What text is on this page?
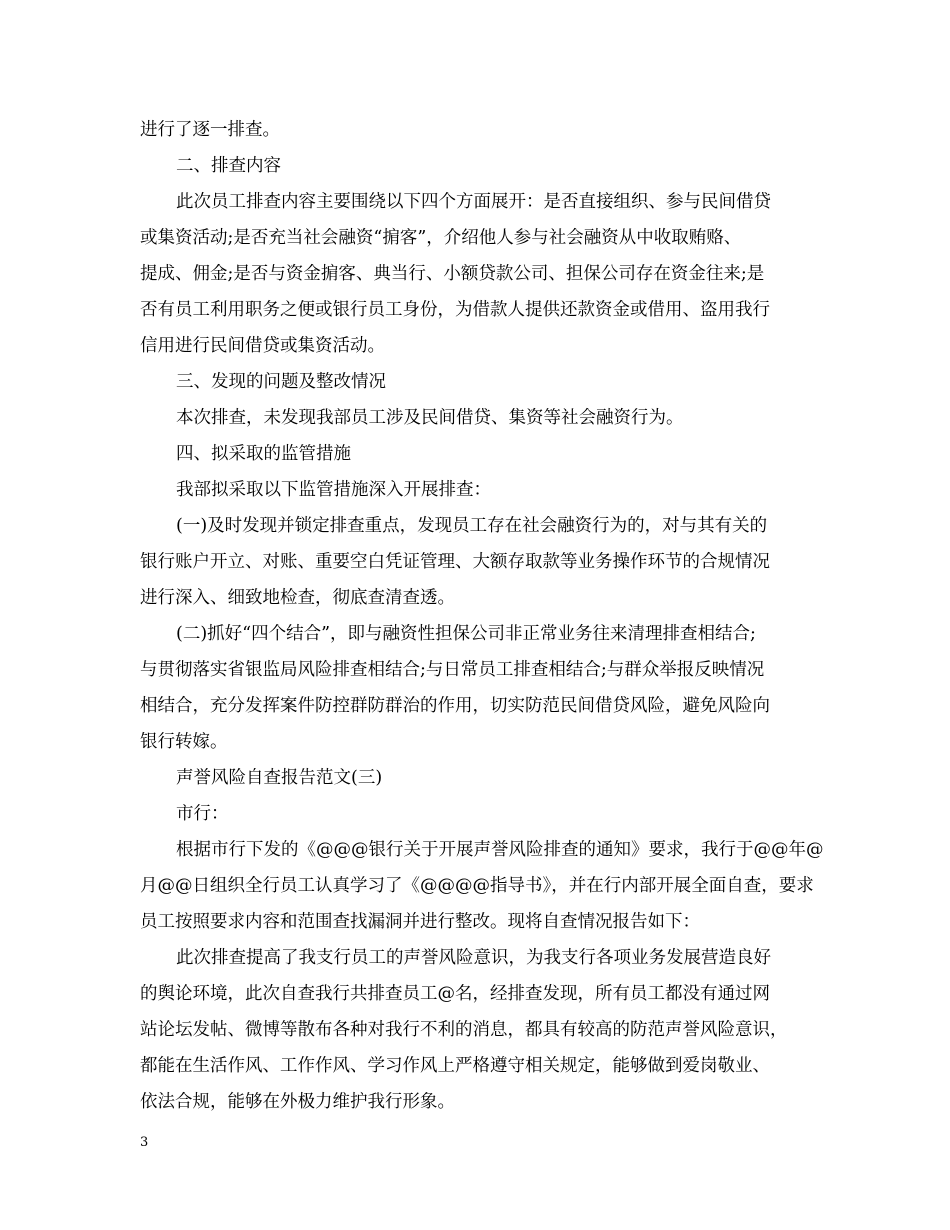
进行了逐一排查。
二、排查内容
此次员工排查内容主要围绕以下四个方面展开：是否直接组织、参与民间借贷
或集资活动;是否充当社会融资“掮客”，介绍他人参与社会融资从中收取贿赂、
提成、佣金;是否与资金掮客、典当行、小额贷款公司、担保公司存在资金往来;是
否有员工利用职务之便或银行员工身份，为借款人提供还款资金或借用、盗用我行
信用进行民间借贷或集资活动。
三、发现的问题及整改情况
本次排查，未发现我部员工涉及民间借贷、集资等社会融资行为。
四、拟采取的监管措施
我部拟采取以下监管措施深入开展排查：
(一)及时发现并锁定排查重点，发现员工存在社会融资行为的，对与其有关的
银行账户开立、对账、重要空白凭证管理、大额存取款等业务操作环节的合规情况
进行深入、细致地检查，彻底查清查透。
(二)抓好“四个结合”，即与融资性担保公司非正常业务往来清理排查相结合;
与贯彻落实省银监局风险排查相结合;与日常员工排查相结合;与群众举报反映情况
相结合，充分发挥案件防控群防群治的作用，切实防范民间借贷风险，避免风险向
银行转嫁。
声誉风险自查报告范文(三)
市行：
根据市行下发的《@@@银行关于开展声誉风险排查的通知》要求，我行于@@年@
月@@日组织全行员工认真学习了《@@@@指导书》，并在行内部开展全面自查，要求
员工按照要求内容和范围查找漏洞并进行整改。现将自查情况报告如下：
此次排查提高了我支行员工的声誉风险意识，为我支行各项业务发展营造良好
的舆论环境，此次自查我行共排查员工@名，经排查发现，所有员工都没有通过网
站论坛发帖、微博等散布各种对我行不利的消息，都具有较高的防范声誉风险意识，
都能在生活作风、工作作风、学习作风上严格遵守相关规定，能够做到爱岗敬业、
依法合规，能够在外极力维护我行形象。
3
